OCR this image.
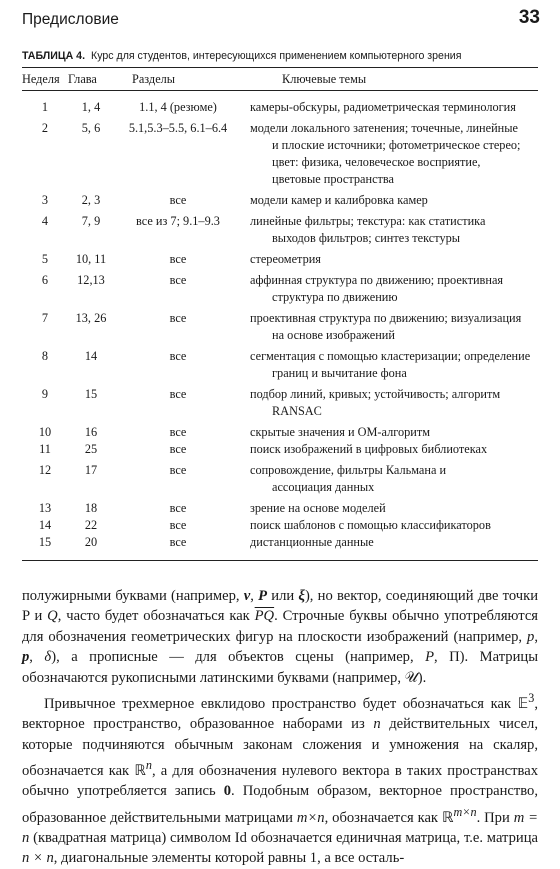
Предисловие	33
ТАБЛИЦА 4. Курс для студентов, интересующихся применением компьютерного зрения
Неделя	Глава	Разделы	Ключевые темы
1	1, 4	1.1, 4 (резюме)	камеры-обскуры, радиометрическая терминология

2	5, 6	5.1,5.3–5.5, 6.1–6.4	модели локального затенения; точечные, линейные
и плоские источники; фотометрическое стерео;
цвет: физика, человеческое восприятие,
цветовые пространства

3	2, 3	все	модели камер и калибровка камер

4	7, 9	все из 7; 9.1–9.3	линейные фильтры; текстура: как статистика
выходов фильтров; синтез текстуры

5	10, 11	все	стереометрия

6	12,13	все	аффинная структура по движению; проективная
структура по движению

7	13, 26	все	проективная структура по движению; визуализация
на основе изображений

8	14	все	сегментация с помощью кластеризации; определение
границ и вычитание фона

9	15	все	подбор линий, кривых; устойчивость; алгоритм
RANSAC

10	16	все	скрытые значения и ОМ-алгоритм

11	25	все	поиск изображений в цифровых библиотеках

12	17	все	сопровождение, фильтры Кальмана и
ассоциация данных

13	18	все	зрение на основе моделей

14	22	все	поиск шаблонов с помощью классификаторов

15	20	все	дистанционные данные

полужирными буквами (например, v, P или ξ), но вектор, соединяющий две точки P и Q, часто будет обозначаться как $\overline{PQ}$. Строчные буквы обычно употребляются для обозначения геометрических фигур на плоскости изображений (например, p, p, δ), а прописные — для объектов сцены (например, P, П). Матрицы обозначаются рукописными латинскими буквами (например, 𝒰).

Привычное трехмерное евклидово пространство будет обозначаться как 𝔼$^3$, векторное пространство, образованное наборами из n действительных чисел, которые подчиняются обычным законам сложения и умножения на скаляр, обозначается как ℝ$^n$, а для обозначения нулевого вектора в таких пространствах обычно употребляется запись 0. Подобным образом, векторное пространство, образованное действительными матрицами m×n, обозначается как ℝ$^{m\times n}$. При m = n (квадратная матрица) символом Id обозначается единичная матрица, т.е. матрица n × n, диагональные элементы которой равны 1, а все осталь-
